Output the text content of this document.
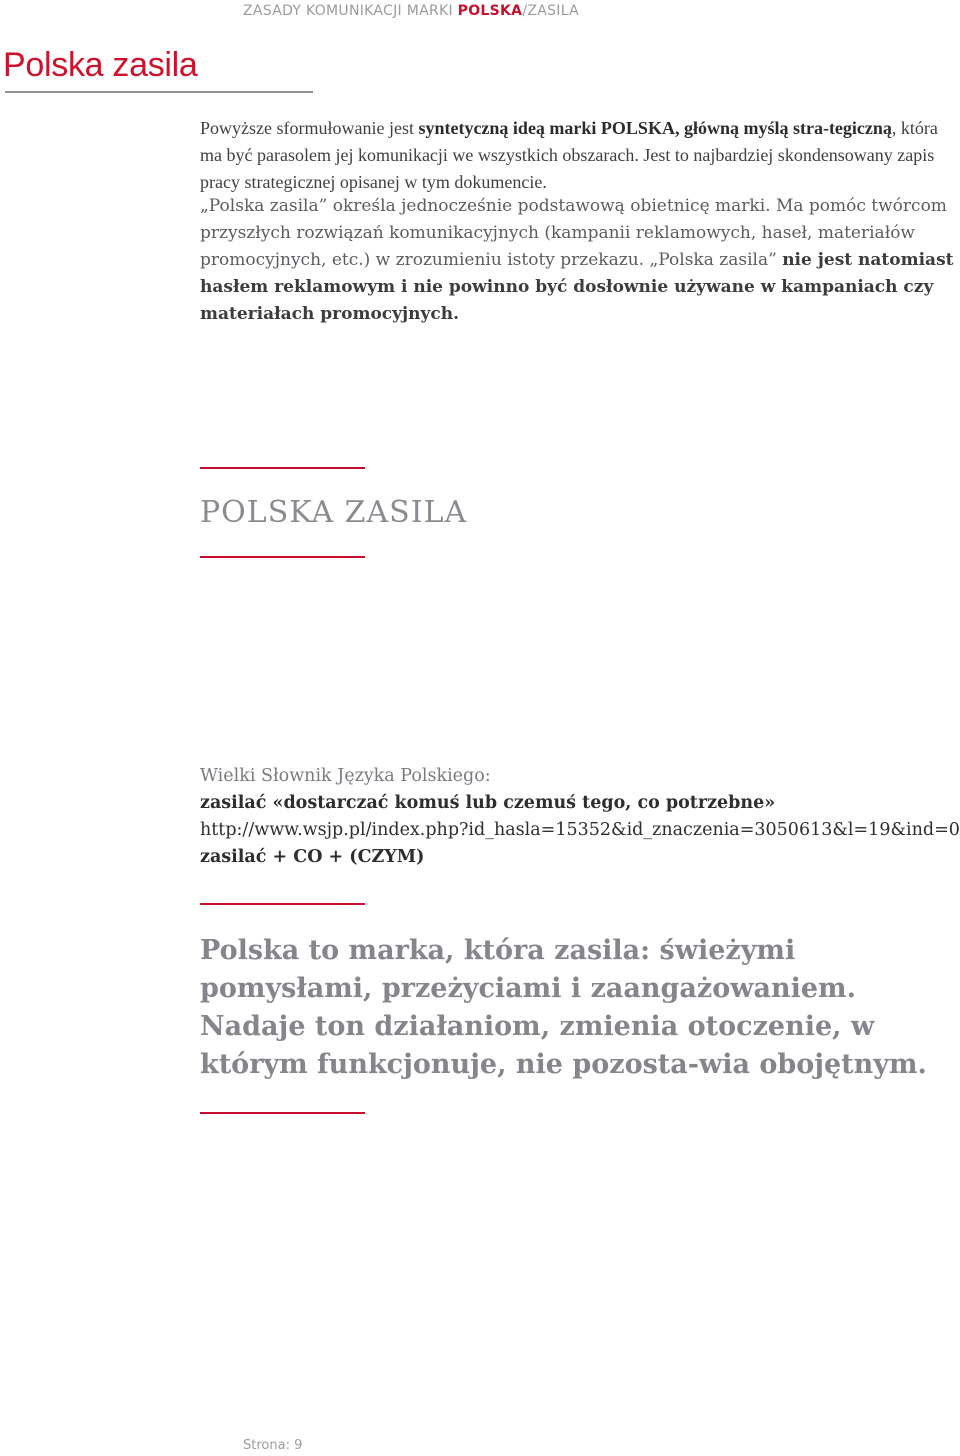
ZASADY KOMUNIKACJI MARKI POLSKA/ZASILA
Polska zasila
Powyższe sformułowanie jest syntetyczną ideą marki POLSKA, główną myślą stra-tegiczną, która ma być parasolem jej komunikacji we wszystkich obszarach. Jest to najbardziej skondensowany zapis pracy strategicznej opisanej w tym dokumencie.
„Polska zasila” określa jednocześnie podstawową obietnicę marki. Ma pomóc twórcom przyszłych rozwiązań komunikacyjnych (kampanii reklamowych, haseł, materiałów promocyjnych, etc.) w zrozumieniu istoty przekazu. „Polska zasila” nie jest natomiast hasłem reklamowym i nie powinno być dosłownie używane w kampaniach czy materiałach promocyjnych.
POLSKA ZASILA
Wielki Słownik Języka Polskiego:
zasilać «dostarczać komuś lub czemuś tego, co potrzebne»
http://www.wsjp.pl/index.php?id_hasla=15352&id_znaczenia=3050613&l=19&ind=0
zasilać + CO + (CZYM)
Polska to marka, która zasila: świeżymi pomysłami, przeżyciami i zaangażowaniem. Nadaje ton działaniom, zmienia otoczenie, w którym funkcjonuje, nie pozosta-wia obojętnym.
Strona: 9
